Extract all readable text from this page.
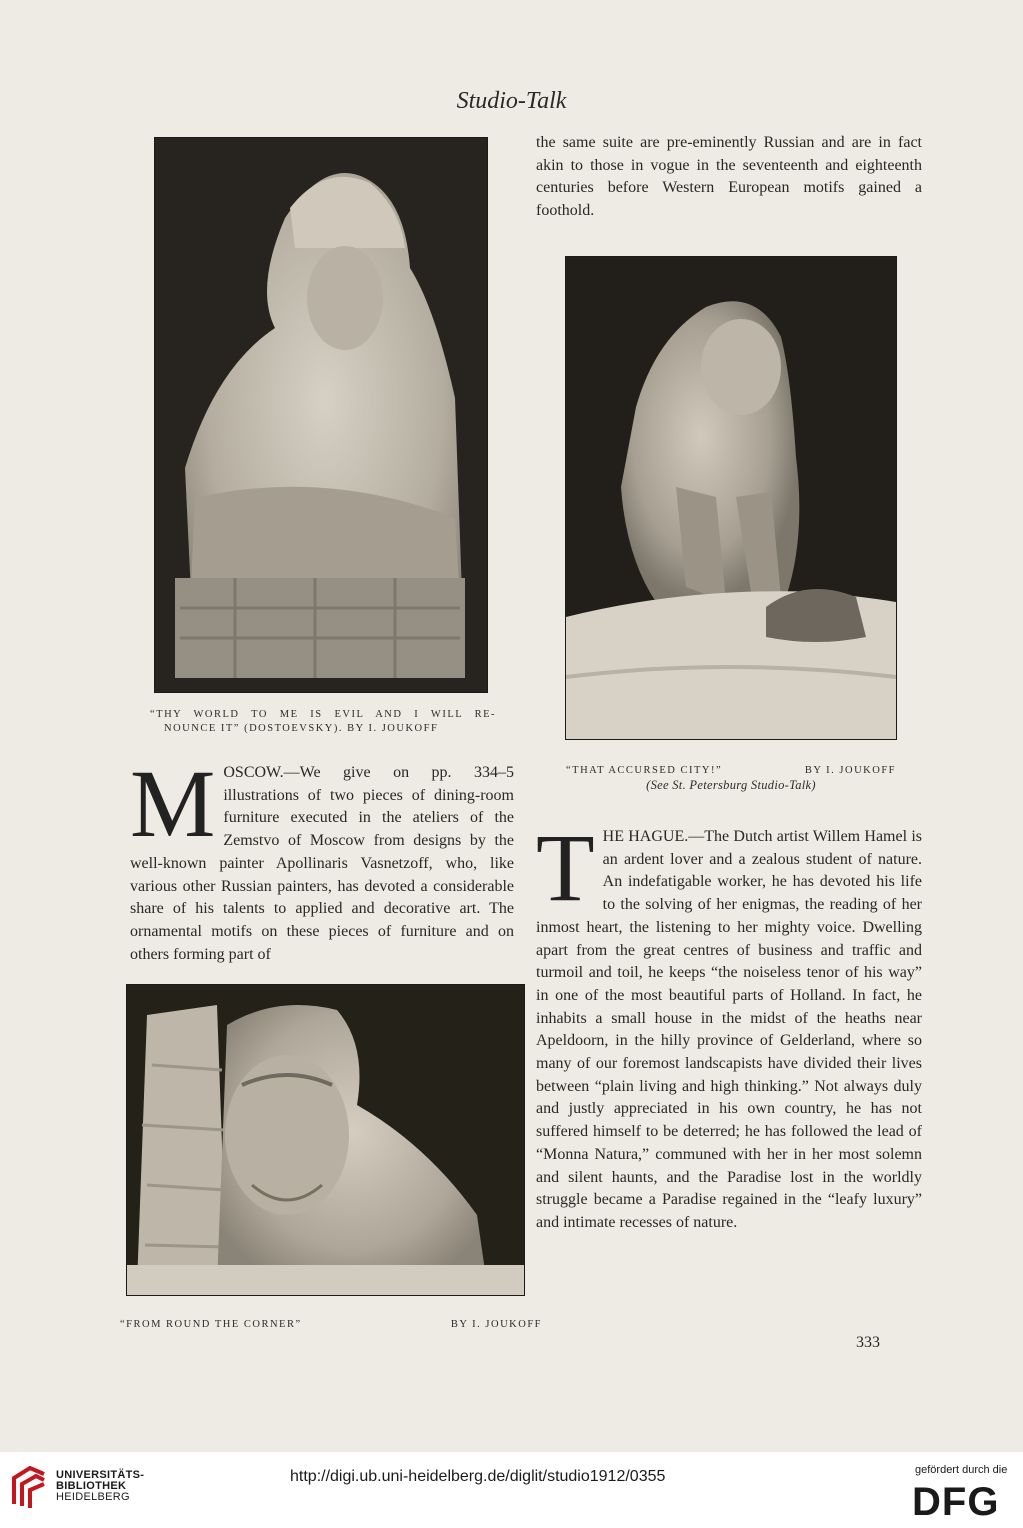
Studio-Talk
“THY WORLD TO ME IS EVIL AND I WILL RE-
NOUNCE IT” (DOSTOEVSKY). BY I. JOUKOFF
the same suite are pre-eminently Russian and are in fact akin to those in vogue in the seventeenth and eighteenth centuries before Western European motifs gained a foothold.
“THAT ACCURSED CITY!”	BY I. JOUKOFF
(See St. Petersburg Studio-Talk)
MOSCOW.—We give on pp. 334–5 illustrations of two pieces of dining-room furniture executed in the ateliers of the Zemstvo of Moscow from designs by the well-known painter Apollinaris Vasnetzoff, who, like various other Russian painters, has devoted a considerable share of his talents to applied and decorative art. The ornamental motifs on these pieces of furniture and on others forming part of
“FROM ROUND THE CORNER”	BY I. JOUKOFF
THE HAGUE.—The Dutch artist Willem Hamel is an ardent lover and a zealous student of nature. An indefatigable worker, he has devoted his life to the solving of her enigmas, the reading of her inmost heart, the listening to her mighty voice. Dwelling apart from the great centres of business and traffic and turmoil and toil, he keeps “the noiseless tenor of his way” in one of the most beautiful parts of Holland. In fact, he inhabits a small house in the midst of the heaths near Apeldoorn, in the hilly province of Gelderland, where so many of our foremost landscapists have divided their lives between “plain living and high thinking.” Not always duly and justly appreciated in his own country, he has not suffered himself to be deterred; he has followed the lead of “Monna Natura,” communed with her in her most solemn and silent haunts, and the Paradise lost in the worldly struggle became a Paradise regained in the “leafy luxury” and intimate recesses of nature.
333
UNIVERSITÄTS-
BIBLIOTHEK
HEIDELBERG
http://digi.ub.uni-heidelberg.de/diglit/studio1912/0355	gefördert durch die
DFG
